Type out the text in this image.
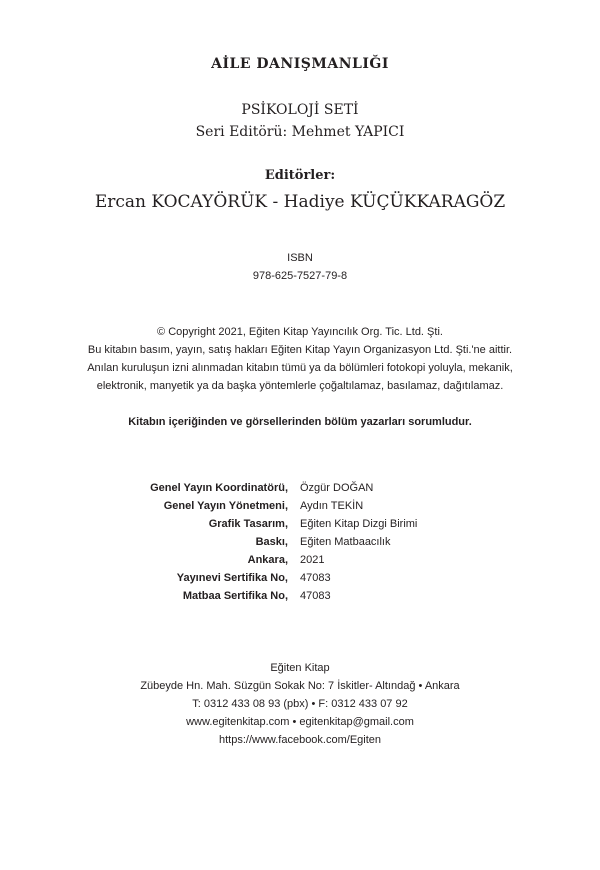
AİLE DANIŞMANLIĞI
PSİKOLOJİ SETİ
Seri Editörü: Mehmet YAPICI
Editörler:
Ercan KOCAYÖRÜK - Hadiye KÜÇÜKKARAGÖZ
ISBN
978-625-7527-79-8
© Copyright 2021, Eğiten Kitap Yayıncılık Org. Tic. Ltd. Şti.
Bu kitabın basım, yayın, satış hakları Eğiten Kitap Yayın Organizasyon Ltd. Şti.'ne aittir.
Anılan kuruluşun izni alınmadan kitabın tümü ya da bölümleri fotokopi yoluyla, mekanik,
elektronik, manyetik ya da başka yöntemlerle çoğaltılamaz, basılamaz, dağıtılamaz.
Kitabın içeriğinden ve görsellerinden bölüm yazarları sorumludur.
Genel Yayın Koordinatörü, Özgür DOĞAN
Genel Yayın Yönetmeni, Aydın TEKİN
Grafik Tasarım, Eğiten Kitap Dizgi Birimi
Baskı, Eğiten Matbaacılık
Ankara, 2021
Yayınevi Sertifika No, 47083
Matbaa Sertifika No, 47083
Eğiten Kitap
Zübeyde Hn. Mah. Süzgün Sokak No: 7 İskitler- Altındağ • Ankara
T: 0312 433 08 93 (pbx) • F: 0312 433 07 92
www.egitenkitap.com • egitenkitap@gmail.com
https://www.facebook.com/Egiten
